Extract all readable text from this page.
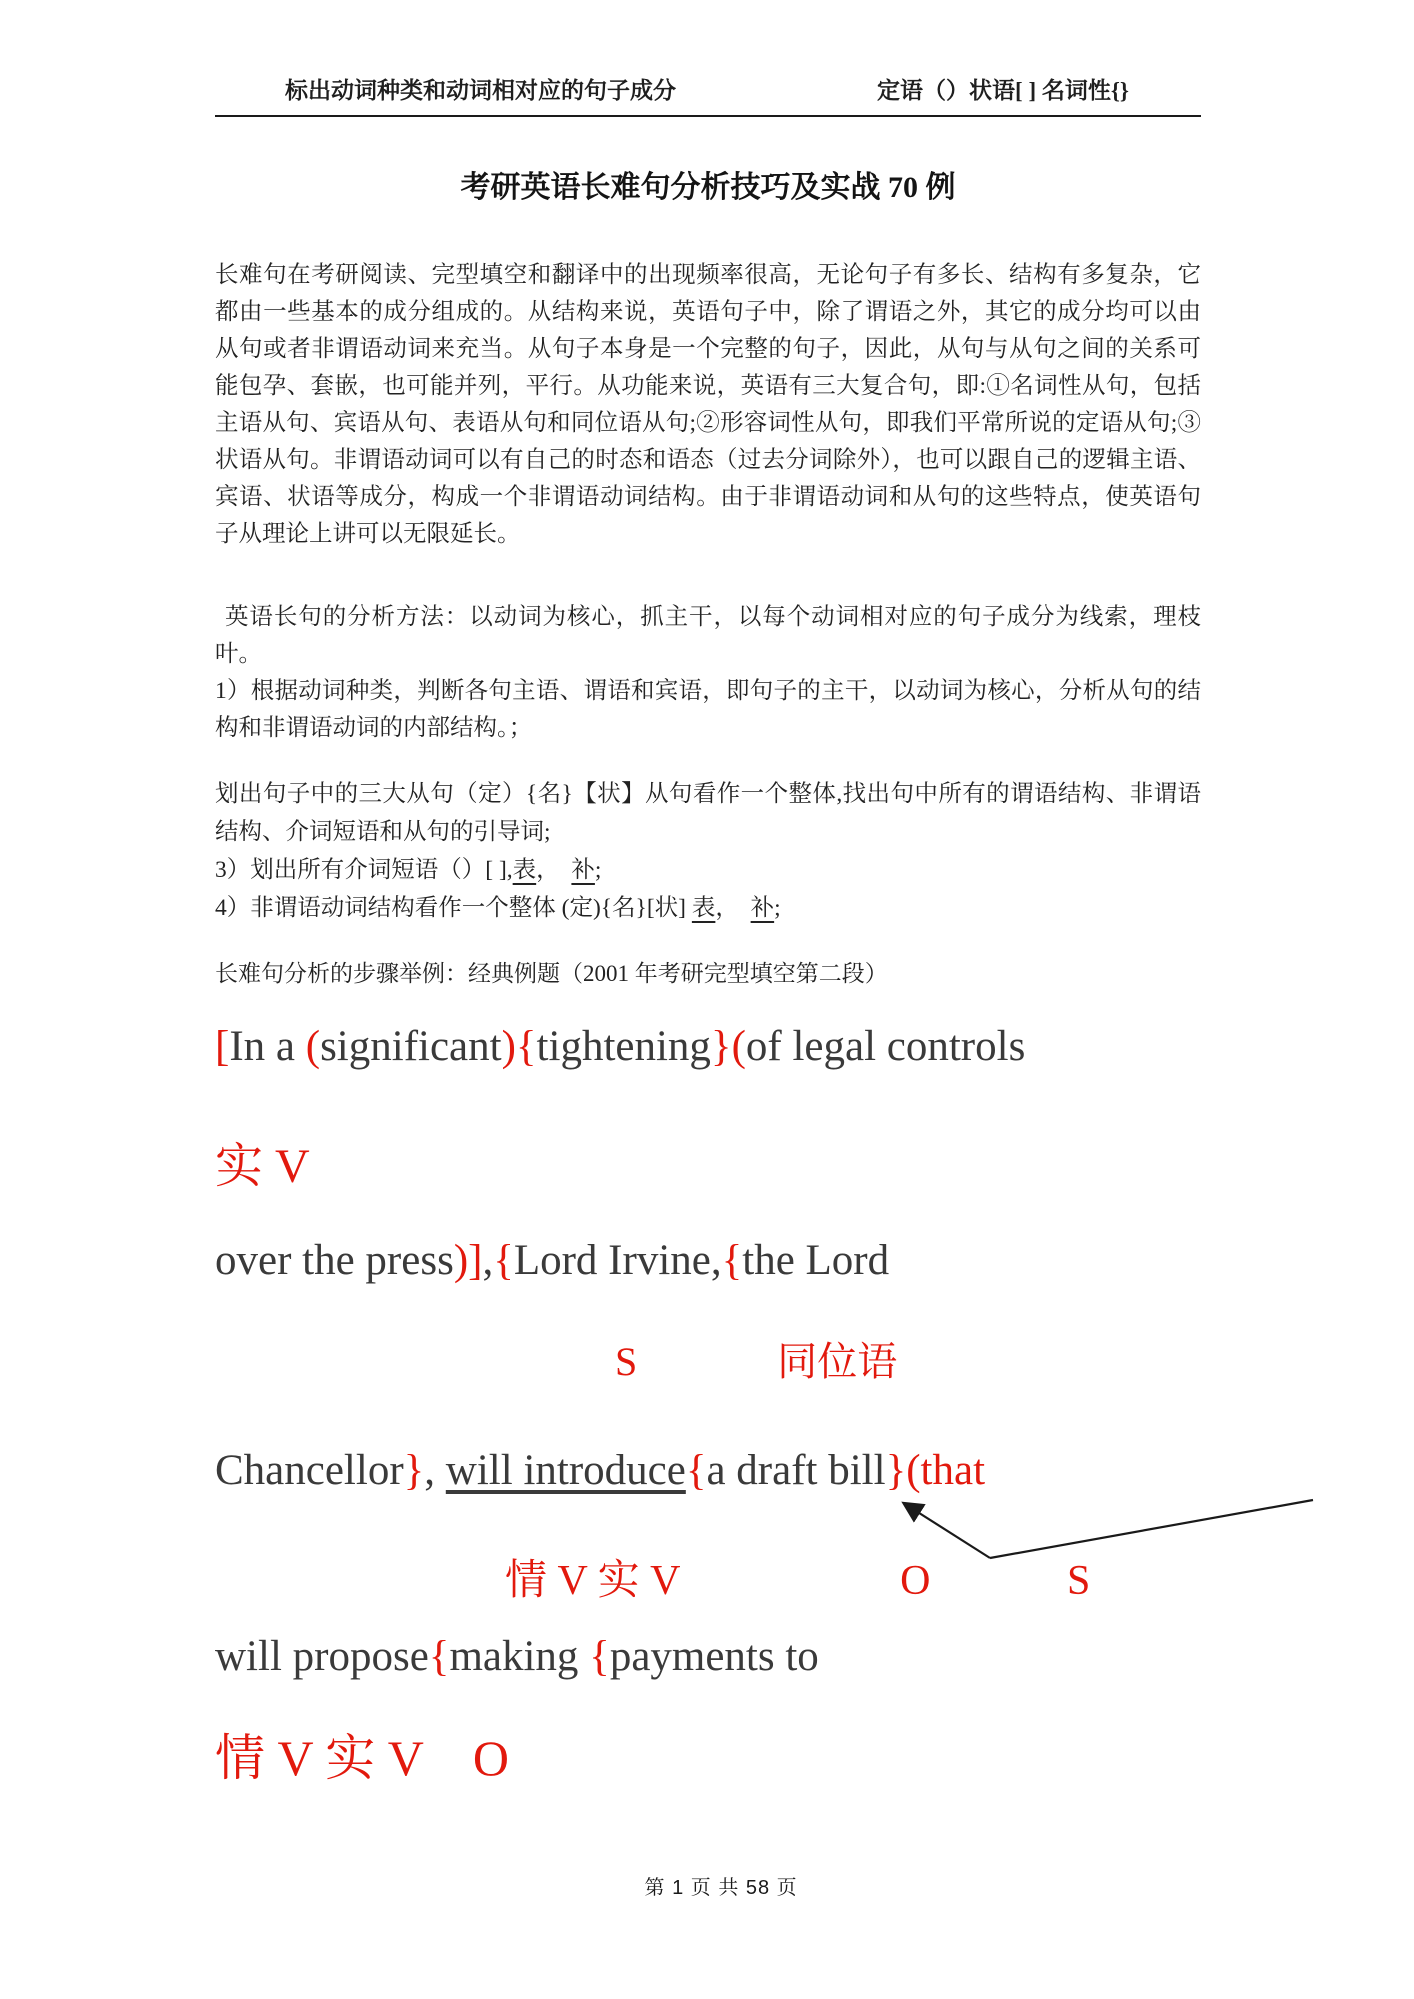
标出动词种类和动词相对应的句子成分	定语（）状语[ ] 名词性{}
考研英语长难句分析技巧及实战 70 例
长难句在考研阅读、完型填空和翻译中的出现频率很高，无论句子有多长、结构有多复杂，它都由一些基本的成分组成的。从结构来说，英语句子中，除了谓语之外，其它的成分均可以由从句或者非谓语动词来充当。从句子本身是一个完整的句子，因此，从句与从句之间的关系可能包孕、套嵌，也可能并列，平行。从功能来说，英语有三大复合句，即:①名词性从句，包括主语从句、宾语从句、表语从句和同位语从句;②形容词性从句，即我们平常所说的定语从句;③状语从句。非谓语动词可以有自己的时态和语态（过去分词除外），也可以跟自己的逻辑主语、宾语、状语等成分，构成一个非谓语动词结构。由于非谓语动词和从句的这些特点，使英语句子从理论上讲可以无限延长。
英语长句的分析方法：以动词为核心，抓主干，以每个动词相对应的句子成分为线索，理枝叶。
1）根据动词种类，判断各句主语、谓语和宾语，即句子的主干，以动词为核心，分析从句的结构和非谓语动词的内部结构。；
划出句子中的三大从句（定）{名}【状】从句看作一个整体,找出句中所有的谓语结构、非谓语结构、介词短语和从句的引导词;
3）划出所有介词短语（）[ ],表，  补;
4）非谓语动词结构看作一个整体 (定){名}[状] 表，  补;
长难句分析的步骤举例：经典例题（2001 年考研完型填空第二段）
[In a (significant){tightening}(of legal controls
实 V
over the press)],{Lord Irvine,{the Lord
S              同位语
Chancellor}, will introduce{a draft bill}(that
情 V 实 V                     O             S
will propose{making {payments to
情 V 实 V    O

第 1 页 共 58 页
